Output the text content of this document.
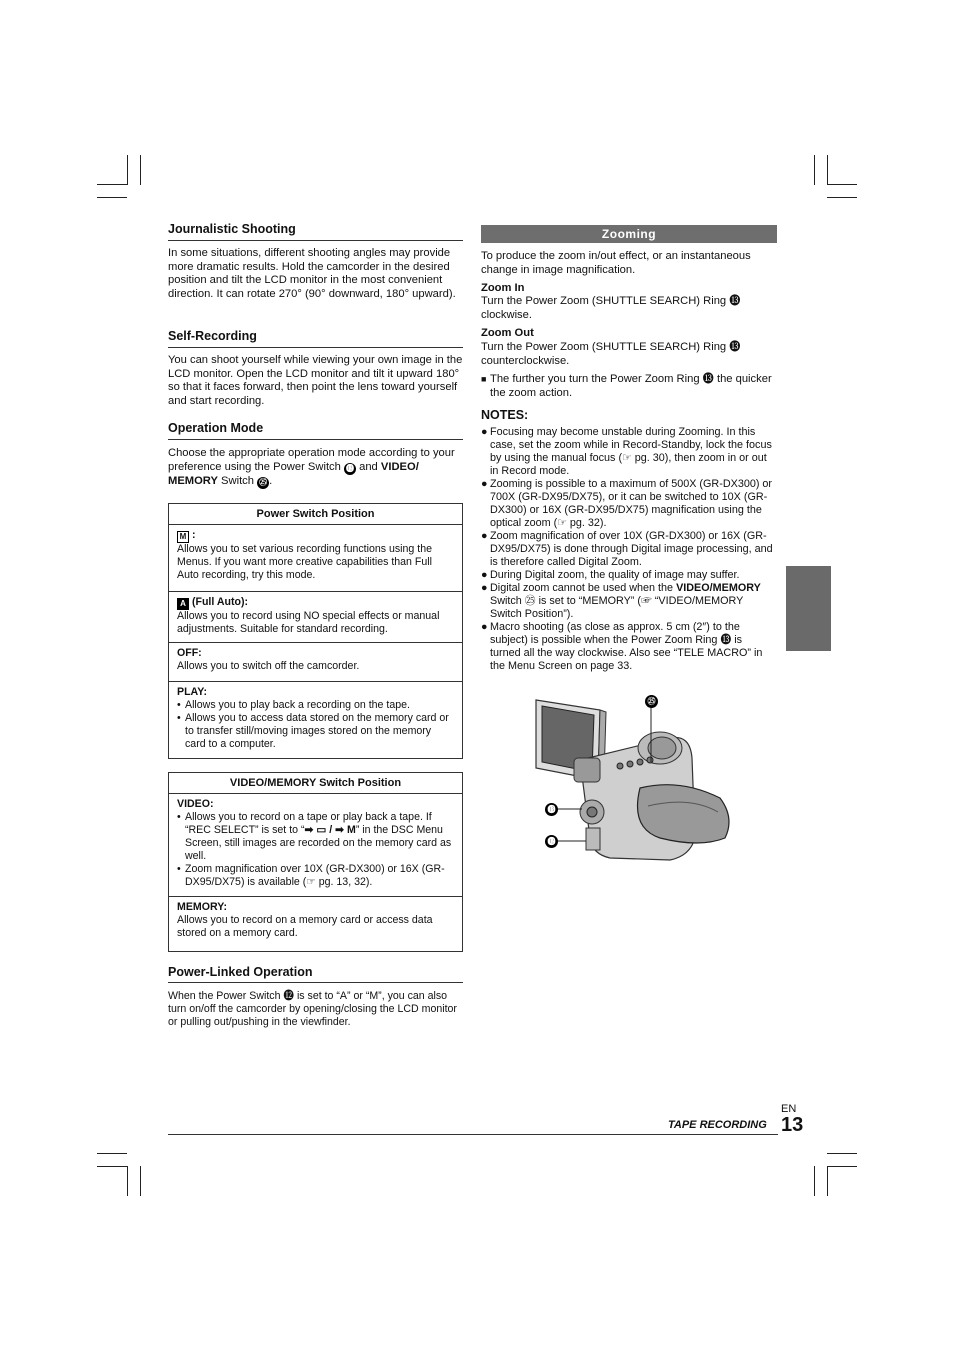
Journalistic Shooting
In some situations, different shooting angles may provide more dramatic results. Hold the camcorder in the desired position and tilt the LCD monitor in the most convenient direction. It can rotate 270° (90° downward, 180° upward).
Self-Recording
You can shoot yourself while viewing your own image in the LCD monitor. Open the LCD monitor and tilt it upward 180° so that it faces forward, then point the lens toward yourself and start recording.
Operation Mode
Choose the appropriate operation mode according to your preference using the Power Switch ⓬ and VIDEO/ MEMORY Switch ㉕ .
Power Switch Position
M :
Allows you to set various recording functions using the Menus. If you want more creative capabilities than Full Auto recording, try this mode.
A (Full Auto):
Allows you to record using NO special effects or manual adjustments. Suitable for standard recording.
OFF:
Allows you to switch off the camcorder.
PLAY:
• Allows you to play back a recording on the tape.
• Allows you to access data stored on the memory card or to transfer still/moving images stored on the memory card to a computer.
VIDEO/MEMORY Switch Position
VIDEO:
• Allows you to record on a tape or play back a tape. If “REC SELECT” is set to “➡ ▭ / ➡ M” in the DSC Menu Screen, still images are recorded on the memory card as well.
• Zoom magnification over 10X (GR-DX300) or 16X (GR-DX95/DX75) is available (☞ pg. 13, 32).
MEMORY:
Allows you to record on a memory card or access data stored on a memory card.
Power-Linked Operation
When the Power Switch ⓬ is set to “A” or “M”, you can also turn on/off the camcorder by opening/closing the LCD monitor or pulling out/pushing in the viewfinder.
Zooming
To produce the zoom in/out effect, or an instantaneous change in image magnification.
Zoom In
Turn the Power Zoom (SHUTTLE SEARCH) Ring ⓭ clockwise.
Zoom Out
Turn the Power Zoom (SHUTTLE SEARCH) Ring ⓭ counterclockwise.
■ The further you turn the Power Zoom Ring ⓭ the quicker the zoom action.
NOTES:
● Focusing may become unstable during Zooming. In this case, set the zoom while in Record-Standby, lock the focus by using the manual focus (☞ pg. 30), then zoom in or out in Record mode.
● Zooming is possible to a maximum of 500X (GR-DX300) or 700X (GR-DX95/DX75), or it can be switched to 10X (GR-DX300) or 16X (GR-DX95/DX75) magnification using the optical zoom (☞ pg. 32).
● Zoom magnification of over 10X (GR-DX300) or 16X (GR-DX95/DX75) is done through Digital image processing, and is therefore called Digital Zoom.
● During Digital zoom, the quality of image may suffer.
● Digital zoom cannot be used when the VIDEO/MEMORY Switch ㉕ is set to “MEMORY” (☞ “VIDEO/MEMORY Switch Position”).
● Macro shooting (as close as approx. 5 cm (2″) to the subject) is possible when the Power Zoom Ring ⓭ is turned all the way clockwise. Also see “TELE MACRO” in the Menu Screen on page 33.
㉕
⓭
⓬
EN
TAPE RECORDING 13
